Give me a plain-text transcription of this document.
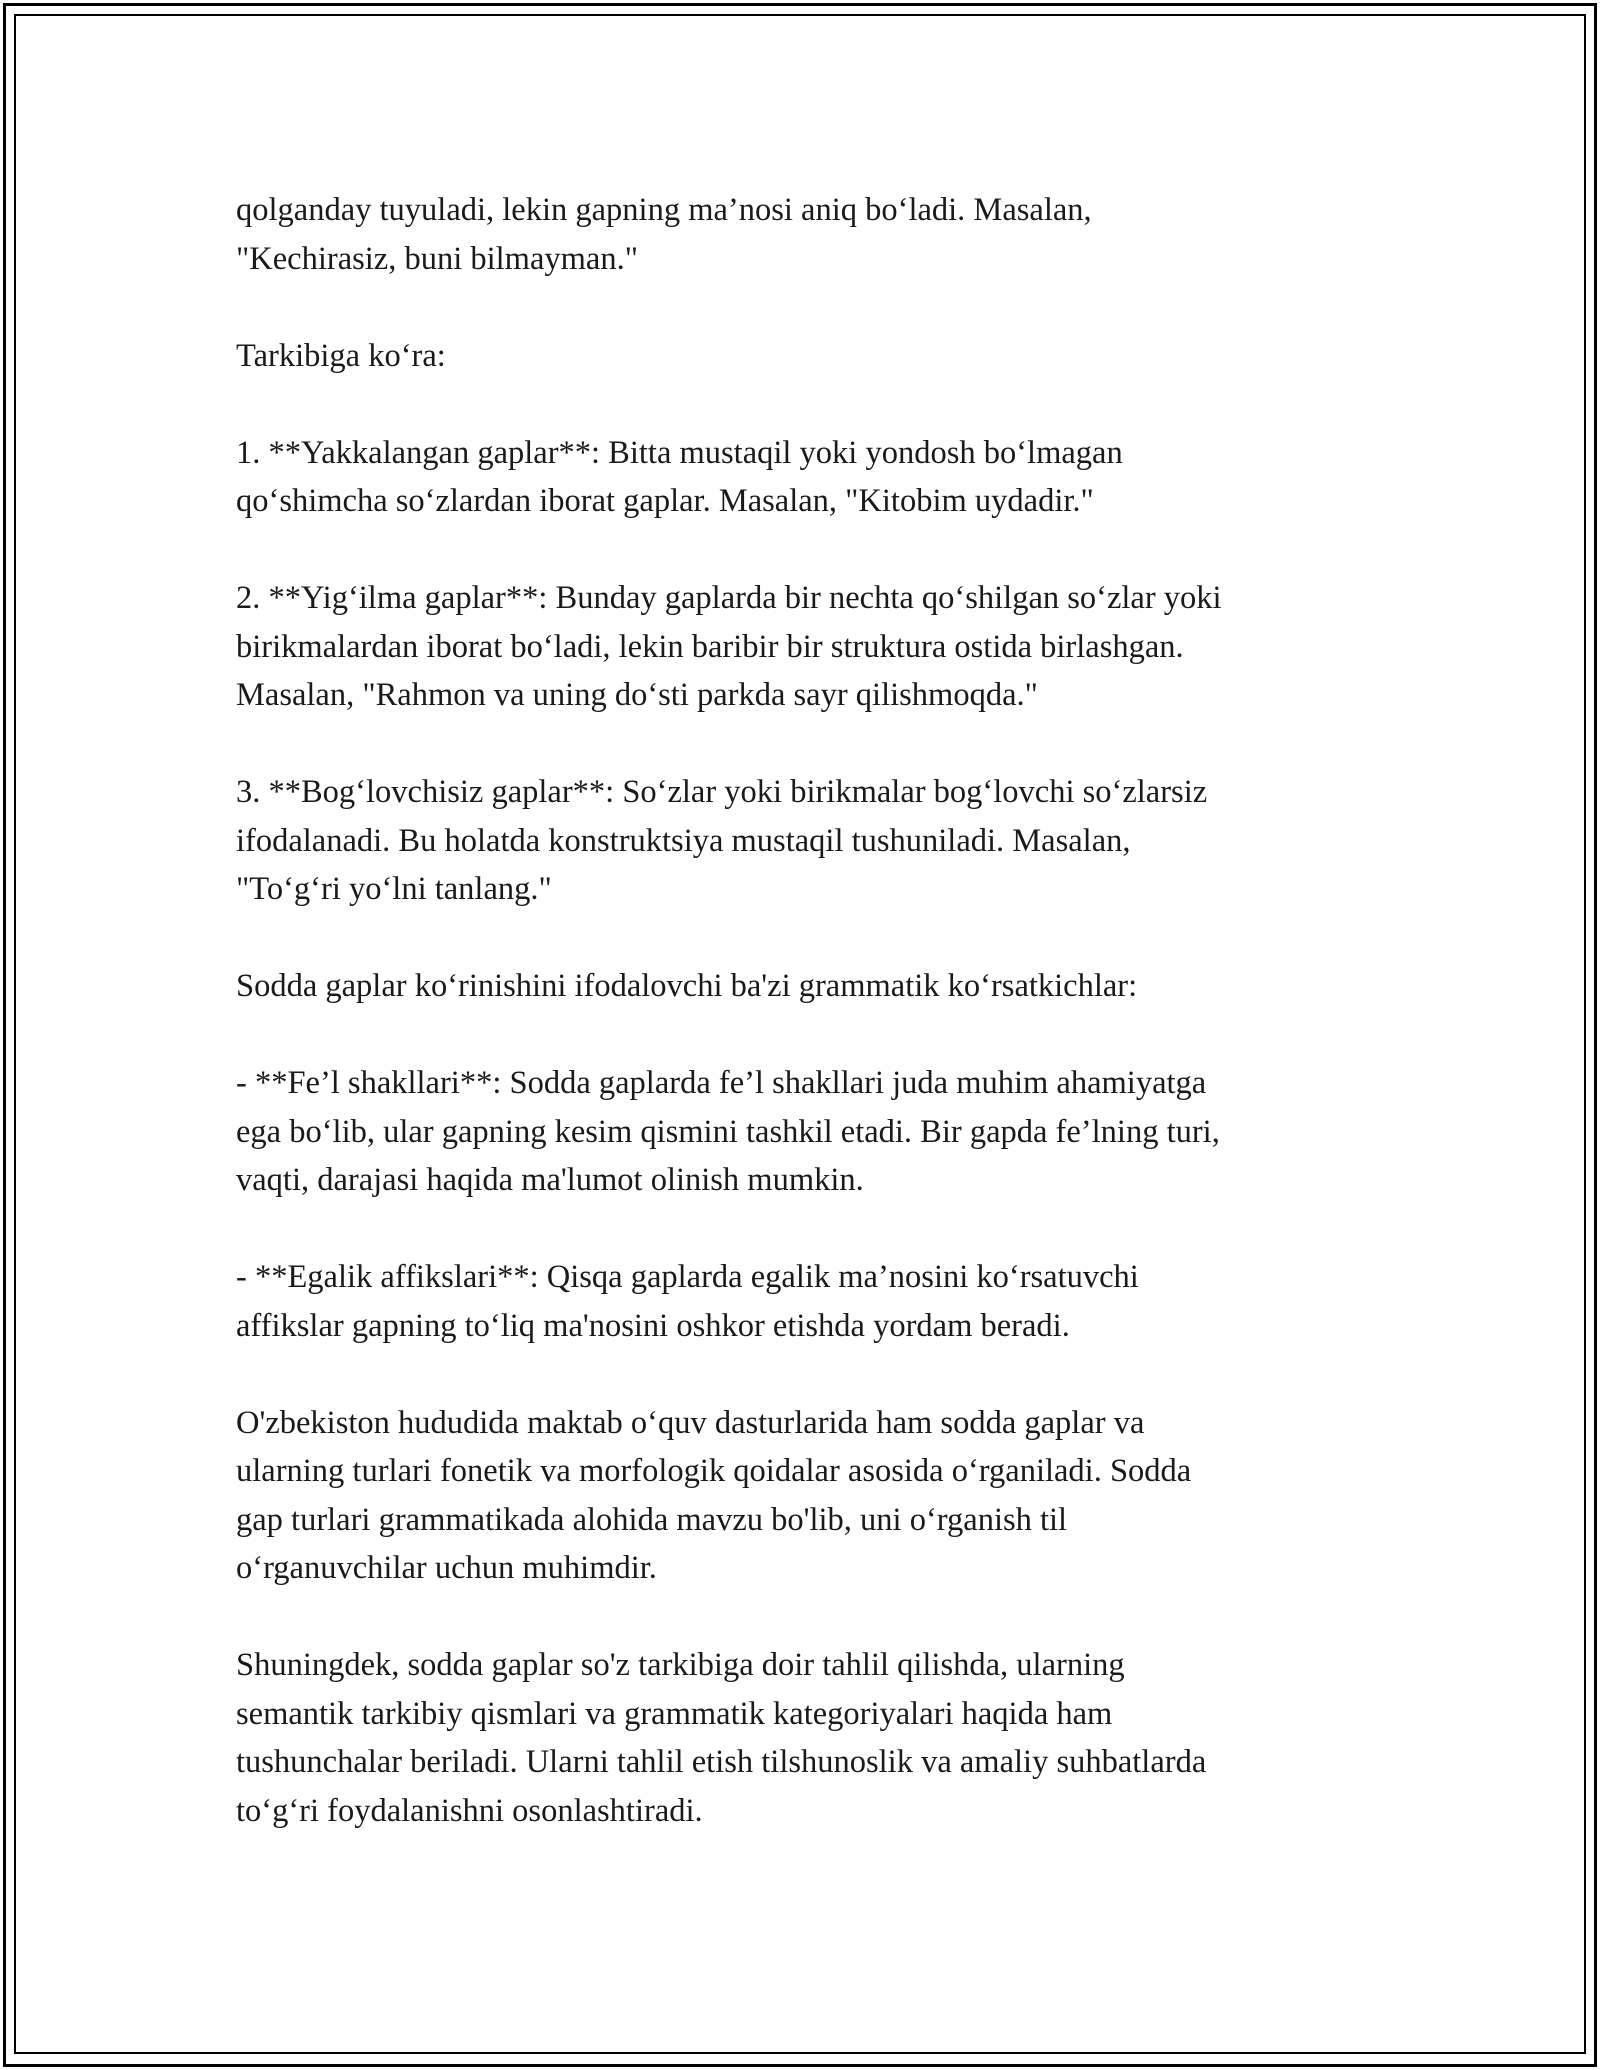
qolganday tuyuladi, lekin gapning ma’nosi aniq bo‘ladi. Masalan,
"Kechirasiz, buni bilmayman."
Tarkibiga ko‘ra:
1. **Yakkalangan gaplar**: Bitta mustaqil yoki yondosh bo‘lmagan
qo‘shimcha so‘zlardan iborat gaplar. Masalan, "Kitobim uydadir."
2. **Yig‘ilma gaplar**: Bunday gaplarda bir nechta qo‘shilgan so‘zlar yoki
birikmalardan iborat bo‘ladi, lekin baribir bir struktura ostida birlashgan.
Masalan, "Rahmon va uning do‘sti parkda sayr qilishmoqda."
3. **Bog‘lovchisiz gaplar**: So‘zlar yoki birikmalar bog‘lovchi so‘zlarsiz
ifodalanadi. Bu holatda konstruktsiya mustaqil tushuniladi. Masalan,
"To‘g‘ri yo‘lni tanlang."
Sodda gaplar ko‘rinishini ifodalovchi ba'zi grammatik ko‘rsatkichlar:
- **Fe’l shakllari**: Sodda gaplarda fe’l shakllari juda muhim ahamiyatga
ega bo‘lib, ular gapning kesim qismini tashkil etadi. Bir gapda fe’lning turi,
vaqti, darajasi haqida ma'lumot olinish mumkin.
- **Egalik affikslari**: Qisqa gaplarda egalik ma’nosini ko‘rsatuvchi
affikslar gapning to‘liq ma'nosini oshkor etishda yordam beradi.
O'zbekiston hududida maktab o‘quv dasturlarida ham sodda gaplar va
ularning turlari fonetik va morfologik qoidalar asosida o‘rganiladi. Sodda
gap turlari grammatikada alohida mavzu bo'lib, uni o‘rganish til
o‘rganuvchilar uchun muhimdir.
Shuningdek, sodda gaplar so'z tarkibiga doir tahlil qilishda, ularning
semantik tarkibiy qismlari va grammatik kategoriyalari haqida ham
tushunchalar beriladi. Ularni tahlil etish tilshunoslik va amaliy suhbatlarda
to‘g‘ri foydalanishni osonlashtiradi.
